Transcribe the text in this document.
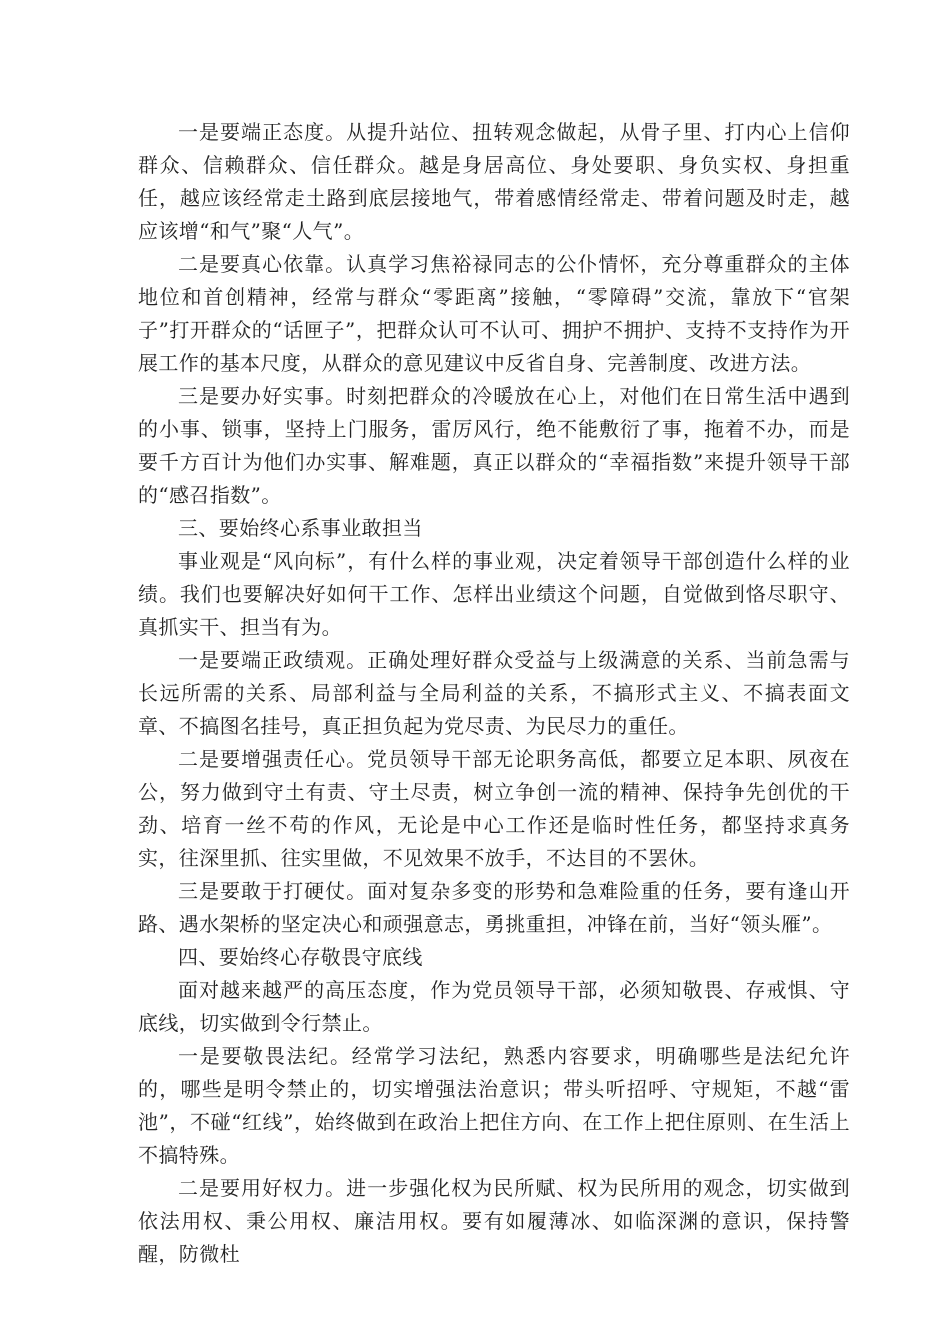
一是要端正态度。从提升站位、扭转观念做起，从骨子里、打内心上信仰群众、信赖群众、信任群众。越是身居高位、身处要职、身负实权、身担重任，越应该经常走土路到底层接地气，带着感情经常走、带着问题及时走，越应该增“和气”聚“人气”。

二是要真心依靠。认真学习焦裕禄同志的公仆情怀，充分尊重群众的主体地位和首创精神，经常与群众“零距离”接触，“零障碍”交流，靠放下“官架子”打开群众的“话匣子”，把群众认可不认可、拥护不拥护、支持不支持作为开展工作的基本尺度，从群众的意见建议中反省自身、完善制度、改进方法。

三是要办好实事。时刻把群众的冷暖放在心上，对他们在日常生活中遇到的小事、锁事，坚持上门服务，雷厉风行，绝不能敷衍了事，拖着不办，而是要千方百计为他们办实事、解难题，真正以群众的“幸福指数”来提升领导干部的“感召指数”。

三、要始终心系事业敢担当

事业观是“风向标”，有什么样的事业观，决定着领导干部创造什么样的业绩。我们也要解决好如何干工作、怎样出业绩这个问题，自觉做到恪尽职守、真抓实干、担当有为。

一是要端正政绩观。正确处理好群众受益与上级满意的关系、当前急需与长远所需的关系、局部利益与全局利益的关系，不搞形式主义、不搞表面文章、不搞图名挂号，真正担负起为党尽责、为民尽力的重任。

二是要增强责任心。党员领导干部无论职务高低，都要立足本职、夙夜在公，努力做到守土有责、守土尽责，树立争创一流的精神、保持争先创优的干劲、培育一丝不苟的作风，无论是中心工作还是临时性任务，都坚持求真务实，往深里抓、往实里做，不见效果不放手，不达目的不罢休。

三是要敢于打硬仗。面对复杂多变的形势和急难险重的任务，要有逢山开路、遇水架桥的坚定决心和顽强意志，勇挑重担，冲锋在前，当好“领头雁”。

四、要始终心存敬畏守底线

面对越来越严的高压态度，作为党员领导干部，必须知敬畏、存戒惧、守底线，切实做到令行禁止。

一是要敬畏法纪。经常学习法纪，熟悉内容要求，明确哪些是法纪允许的，哪些是明令禁止的，切实增强法治意识；带头听招呼、守规矩，不越“雷池”，不碰“红线”，始终做到在政治上把住方向、在工作上把住原则、在生活上不搞特殊。

二是要用好权力。进一步强化权为民所赋、权为民所用的观念，切实做到依法用权、秉公用权、廉洁用权。要有如履薄冰、如临深渊的意识，保持警醒，防微杜
